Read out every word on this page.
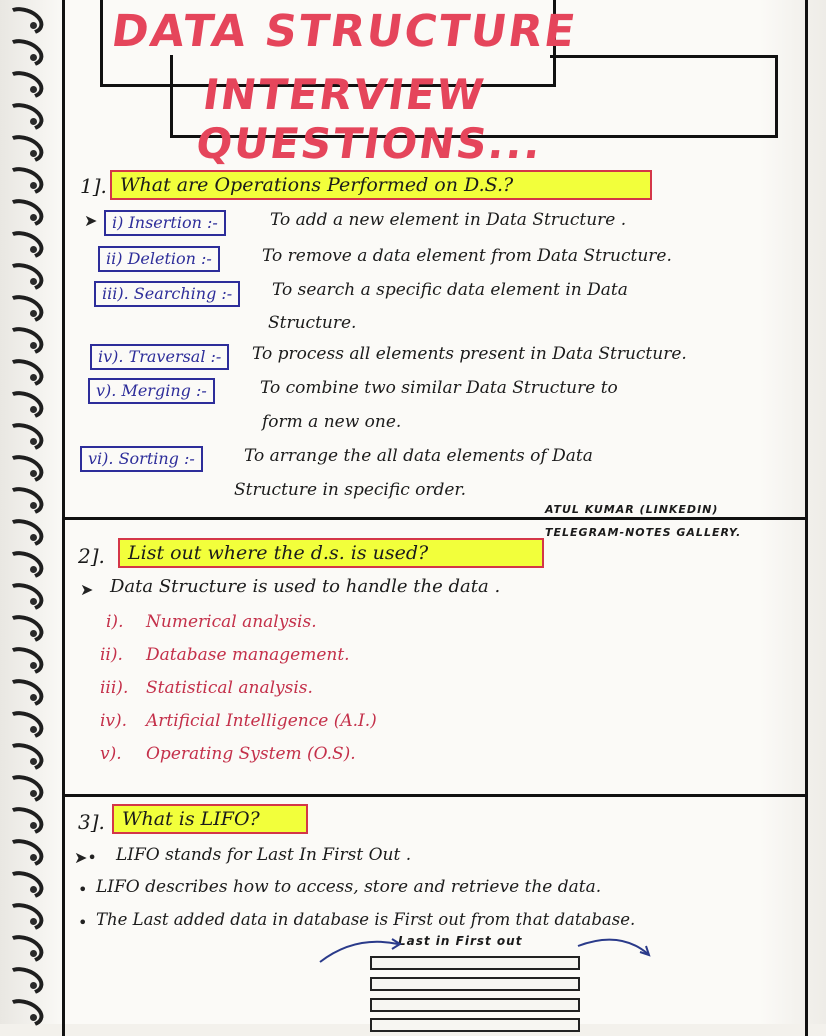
DATA STRUCTURE
INTERVIEW QUESTIONS...
1]. What are Operations Performed on D.S.?
➤ i) Insertion :-	To add a new element in Data Structure .
ii) Deletion :-	To remove a data element from Data Structure.
iii). Searching :-	To search a specific data element in Data
Structure.
iv). Traversal :-	To process all elements present in Data Structure.
v). Merging :-	To combine two similar Data Structure to
form a new one.
vi). Sorting :-	To arrange the all data elements of Data
Structure in specific order.
ATUL KUMAR (LINKEDIN)
TELEGRAM-NOTES GALLERY.
2].	List out where the d.s. is used?
➤ Data Structure is used to handle the data .
i). Numerical analysis.
ii). Database management.
iii). Statistical analysis.
iv). Artificial Intelligence (A.I.)
v). Operating System (O.S).
3]. What is LIFO?
➤• LIFO stands for Last In First Out .
• LIFO describes how to access, store and retrieve the data.
• The Last added data in database is First out from that database.
Last in First out
